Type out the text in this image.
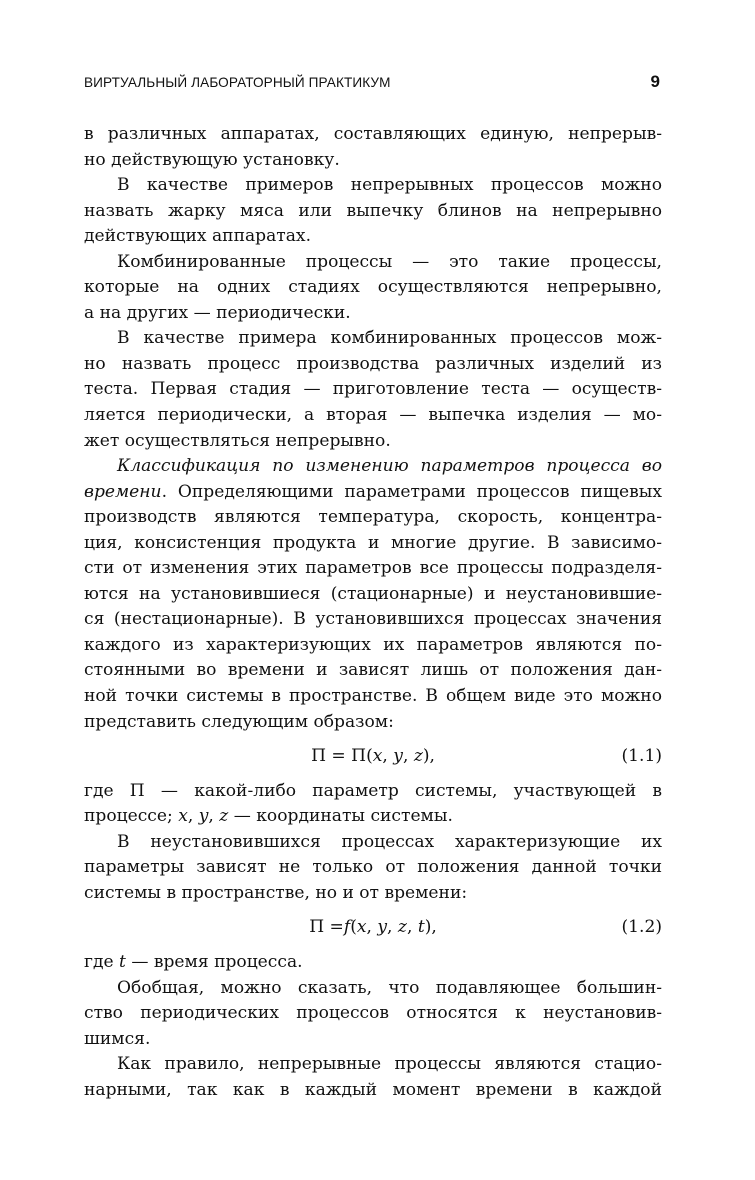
ВИРТУАЛЬНЫЙ ЛАБОРАТОРНЫЙ ПРАКТИКУМ	9

в различных аппаратах, составляющих единую, непрерыв-
но действующую установку.

В качестве примеров непрерывных процессов можно
назвать жарку мяса или выпечку блинов на непрерывно
действующих аппаратах.

Комбинированные процессы — это такие процессы,
которые на одних стадиях осуществляются непрерывно,
а на других — периодически.

В качестве примера комбинированных процессов мож-
но назвать процесс производства различных изделий из
теста. Первая стадия — приготовление теста — осуществ-
ляется периодически, а вторая — выпечка изделия — мо-
жет осуществляться непрерывно.

Классификация по изменению параметров процесса во
времени. Определяющими параметрами процессов пищевых
производств являются температура, скорость, концентра-
ция, консистенция продукта и многие другие. В зависимо-
сти от изменения этих параметров все процессы подразделя-
ются на установившиеся (стационарные) и неустановившие-
ся (нестационарные). В установившихся процессах значения
каждого из характеризующих их параметров являются по-
стоянными во времени и зависят лишь от положения дан-
ной точки системы в пространстве. В общем виде это можно
представить следующим образом:

П = П(x, y, z),	(1.1)

где П — какой-либо параметр системы, участвующей в
процессе; x, y, z — координаты системы.

В неустановившихся процессах характеризующие их
параметры зависят не только от положения данной точки
системы в пространстве, но и от времени:

П =f(x, y, z, t),	(1.2)

где t — время процесса.

Обобщая, можно сказать, что подавляющее большин-
ство периодических процессов относятся к неустановив-
шимся.

Как правило, непрерывные процессы являются стацио-
нарными, так как в каждый момент времени в каждой
